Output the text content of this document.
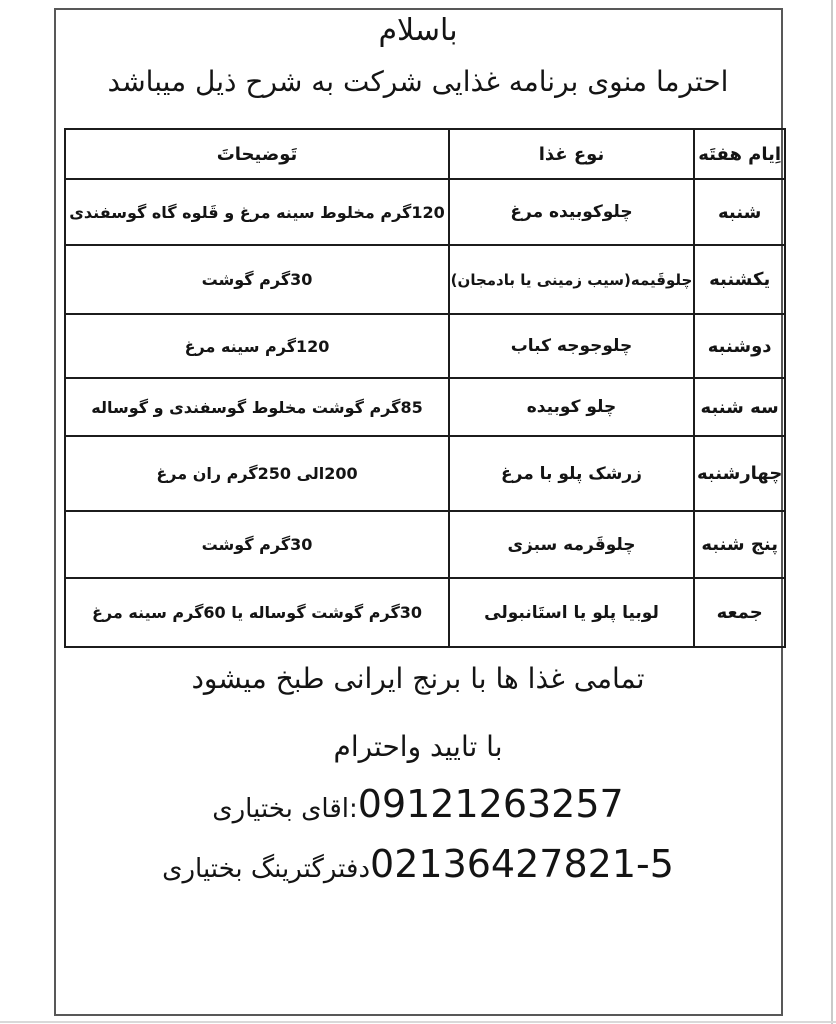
باسلام
احترما منوی برنامه غذایی شرکت به شرح ذیل میباشد
اِیام هفتَه	نوع غذا	تَوضیحاتَ
شنبه	چلوکوبیده مرغ	120گرم مخلوط سینه مرغ و قَلوه گاه گوسفندی
یکشنبه	چلوقَیمه(سیب زمینی یا بادمجان)	30گرم گوشت
دوشنبه	چلوجوجه کباب	120گرم سینه مرغ
سه شنبه	چلو کوبیده	85گرم گوشت مخلوط گوسفندی و گوساله
چهارشنبه	زرشک پلو با مرغ	200الی 250گرم ران مرغ
پنج شنبه	چلوقَرمه سبزی	30گرم گوشت
جمعه	لوبیا پلو یا استَانبولی	30گرم گوشت گوساله یا 60گرم سینه مرغ
تمامی غذا ها با برنج ایرانی طبخ میشود
با تایید واحترام
09121263257:اقای بختیاری
02136427821-5دفترگترینگ بختیاری
